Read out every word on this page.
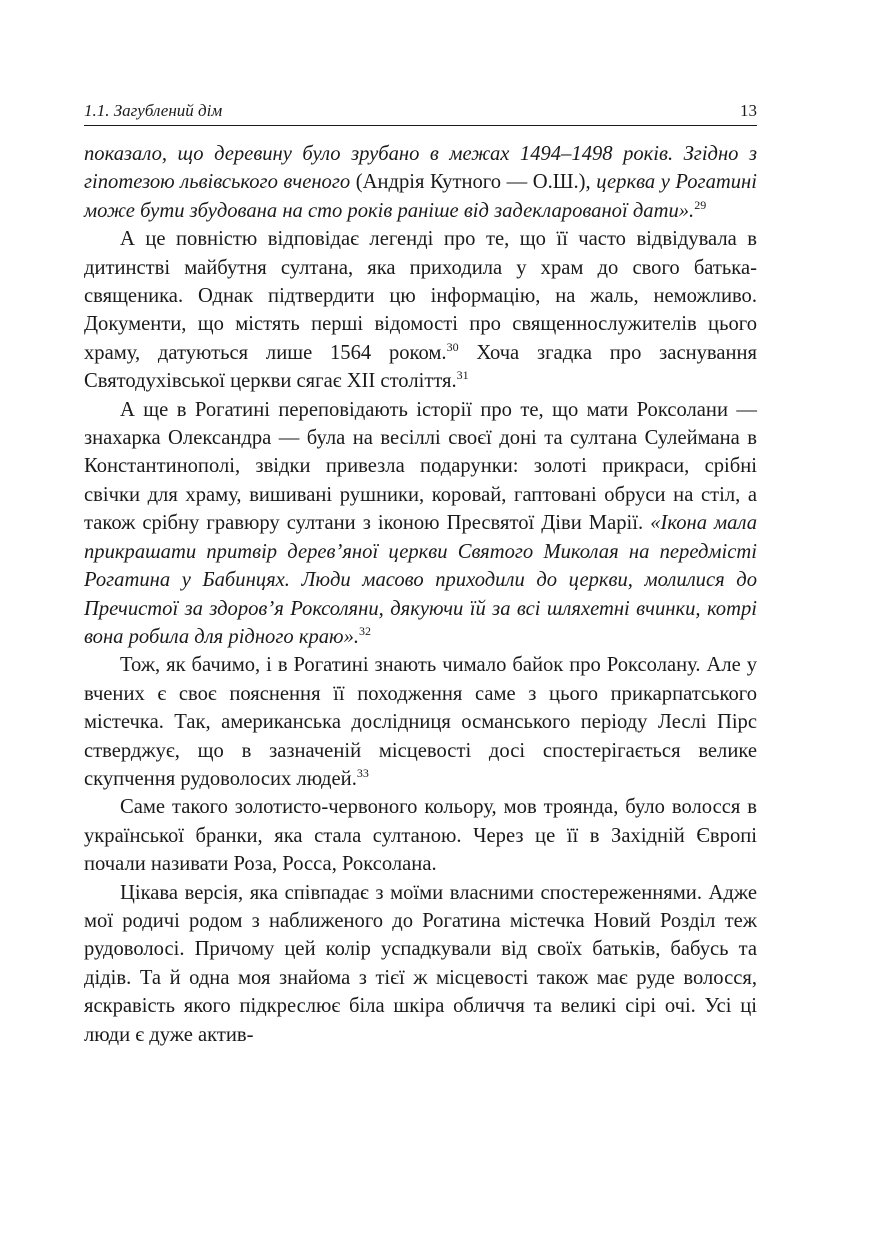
1.1. Загублений дім	13

показало, що деревину було зрубано в межах 1494–1498 років. Згідно з гіпотезою львівського вченого (Андрія Кутного — О.Ш.), церква у Рогатині може бути збудована на сто років раніше від задекларованої дати».$^{29}$

А це повністю відповідає легенді про те, що її часто відвідувала в дитинстві майбутня султана, яка приходила у храм до свого батька-священика. Однак підтвердити цю інформацію, на жаль, неможливо. Документи, що містять перші відомості про священнослужителів цього храму, датуються лише 1564 роком.$^{30}$ Хоча згадка про заснування Святодухівської церкви сягає XII століття.$^{31}$

А ще в Рогатині переповідають історії про те, що мати Роксолани — знахарка Олександра — була на весіллі своєї доні та султана Сулеймана в Константинополі, звідки привезла подарунки: золоті прикраси, срібні свічки для храму, вишивані рушники, коровай, гаптовані обруси на стіл, а також срібну гравюру султани з іконою Пресвятої Діви Марії. «Ікона мала прикрашати притвір дерев’яної церкви Святого Миколая на передмісті Рогатина у Бабинцях. Люди масово приходили до церкви, молилися до Пречистої за здоров’я Роксоляни, дякуючи їй за всі шляхетні вчинки, котрі вона робила для рідного краю».$^{32}$

Тож, як бачимо, і в Рогатині знають чимало байок про Роксолану. Але у вчених є своє пояснення її походження саме з цього прикарпатського містечка. Так, американська дослідниця османського періоду Леслі Пірс стверджує, що в зазначеній місцевості досі спостерігається велике скупчення рудоволосих людей.$^{33}$

Саме такого золотисто-червоного кольору, мов троянда, було волосся в української бранки, яка стала султаною. Через це її в Західній Європі почали називати Роза, Росса, Роксолана.

Цікава версія, яка співпадає з моїми власними спостереженнями. Адже мої родичі родом з наближеного до Рогатина містечка Новий Розділ теж рудоволосі. Причому цей колір успадкували від своїх батьків, бабусь та дідів. Та й одна моя знайома з тієї ж місцевості також має руде волосся, яскравість якого підкреслює біла шкіра обличчя та великі сірі очі. Усі ці люди є дуже актив-
